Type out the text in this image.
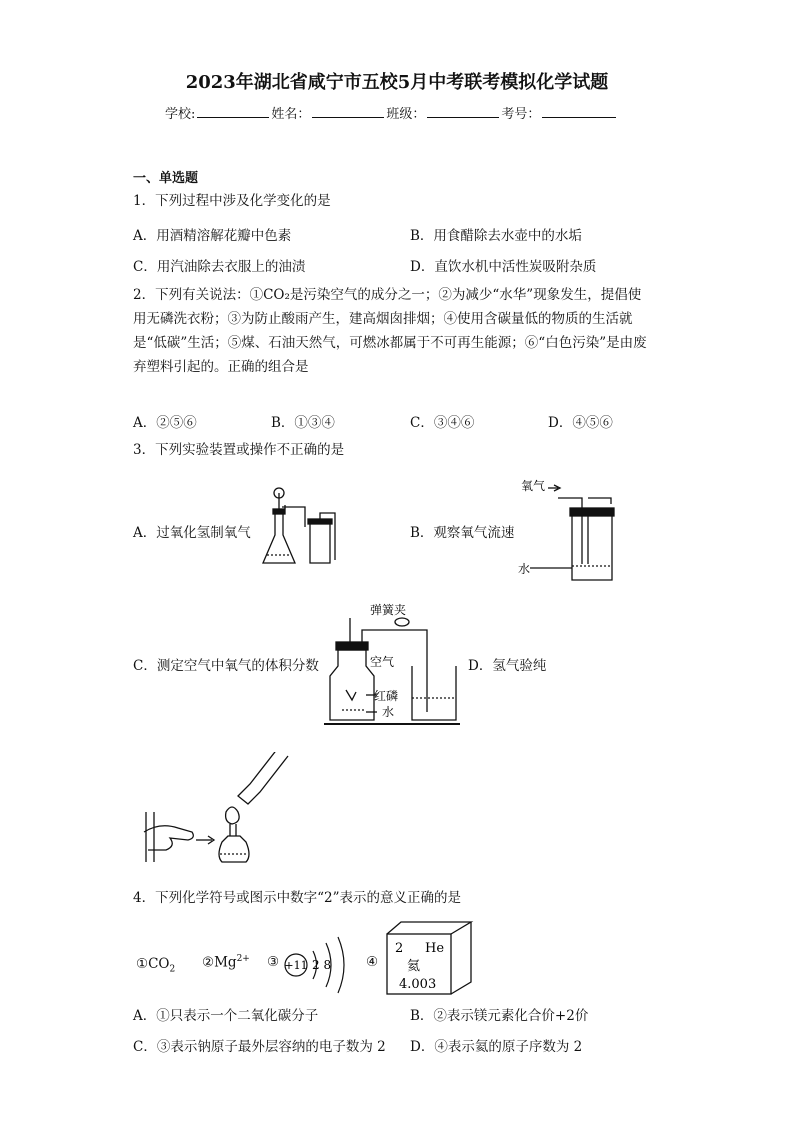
2023年湖北省咸宁市五校5月中考联考模拟化学试题
学校:	姓名：	班级：	考号：
一、单选题
1．下列过程中涉及化学变化的是
A．用酒精溶解花瓣中色素	B．用食醋除去水壶中的水垢
C．用汽油除去衣服上的油渍	D．直饮水机中活性炭吸附杂质
2．下列有关说法：①CO₂是污染空气的成分之一；②为减少“水华”现象发生，提倡使
用无磷洗衣粉；③为防止酸雨产生，建高烟囱排烟；④使用含碳量低的物质的生活就
是“低碳”生活；⑤煤、石油天然气，可燃冰都属于不可再生能源；⑥“白色污染”是由废
弃塑料引起的。正确的组合是
A．②⑤⑥	B．①③④	C．③④⑥	D．④⑤⑥
3．下列实验装置或操作不正确的是
A．过氧化氢制氧气	B．观察氧气流速
C．测定空气中氧气的体积分数	D．氢气验纯
氧气
水
弹簧夹
空气
红磷
水
4．下列化学符号或图示中数字“2”表示的意义正确的是
$①CO_2$ $②Mg^{2+}$ ③ +11 2 8	④
2 He
氦
4.003
A．①只表示一个二氧化碳分子	B．②表示镁元素化合价+2价
C．③表示钠原子最外层容纳的电子数为 2 D．④表示氦的原子序数为 2
